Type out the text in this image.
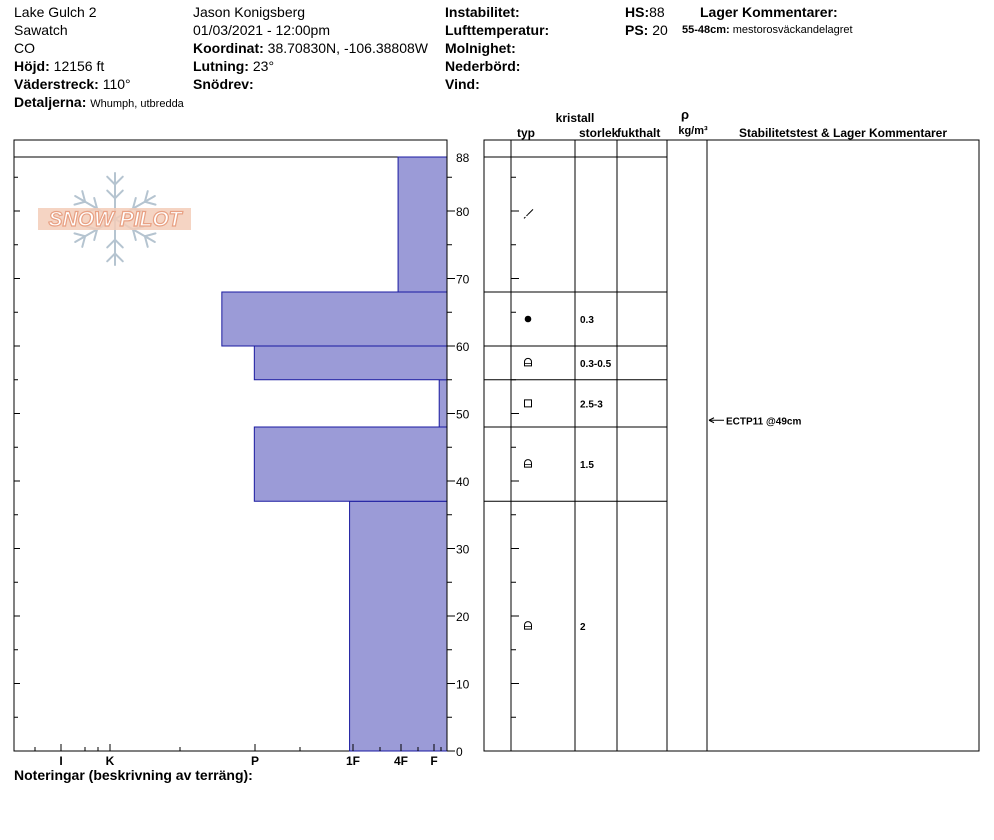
Lake Gulch 2
Sawatch
CO
Höjd: 12156 ft
Väderstreck: 110°
Detaljerna: Whumph, utbredda
Jason Konigsberg
01/03/2021 - 12:00pm
Koordinat: 38.70830N, -106.38808W
Lutning: 23°
Snödrev:
Instabilitet:
Lufttemperatur:
Molnighet:
Nederbörd:
Vind:
HS:88
PS: 20
Lager Kommentarer:
55-48cm: mestorosväckandelagret
SNOW PILOT
0
10
20
30
40
50
60
70
80
88
I	K	P	1F	4F F
kristall
typ	storlek
fukthalt
ρ
kg/m³	Stabilitetstest & Lager Kommentarer
0.3
0.3-0.5
2.5-3
1.5
2
ECTP11 @49cm
Noteringar (beskrivning av terräng):
